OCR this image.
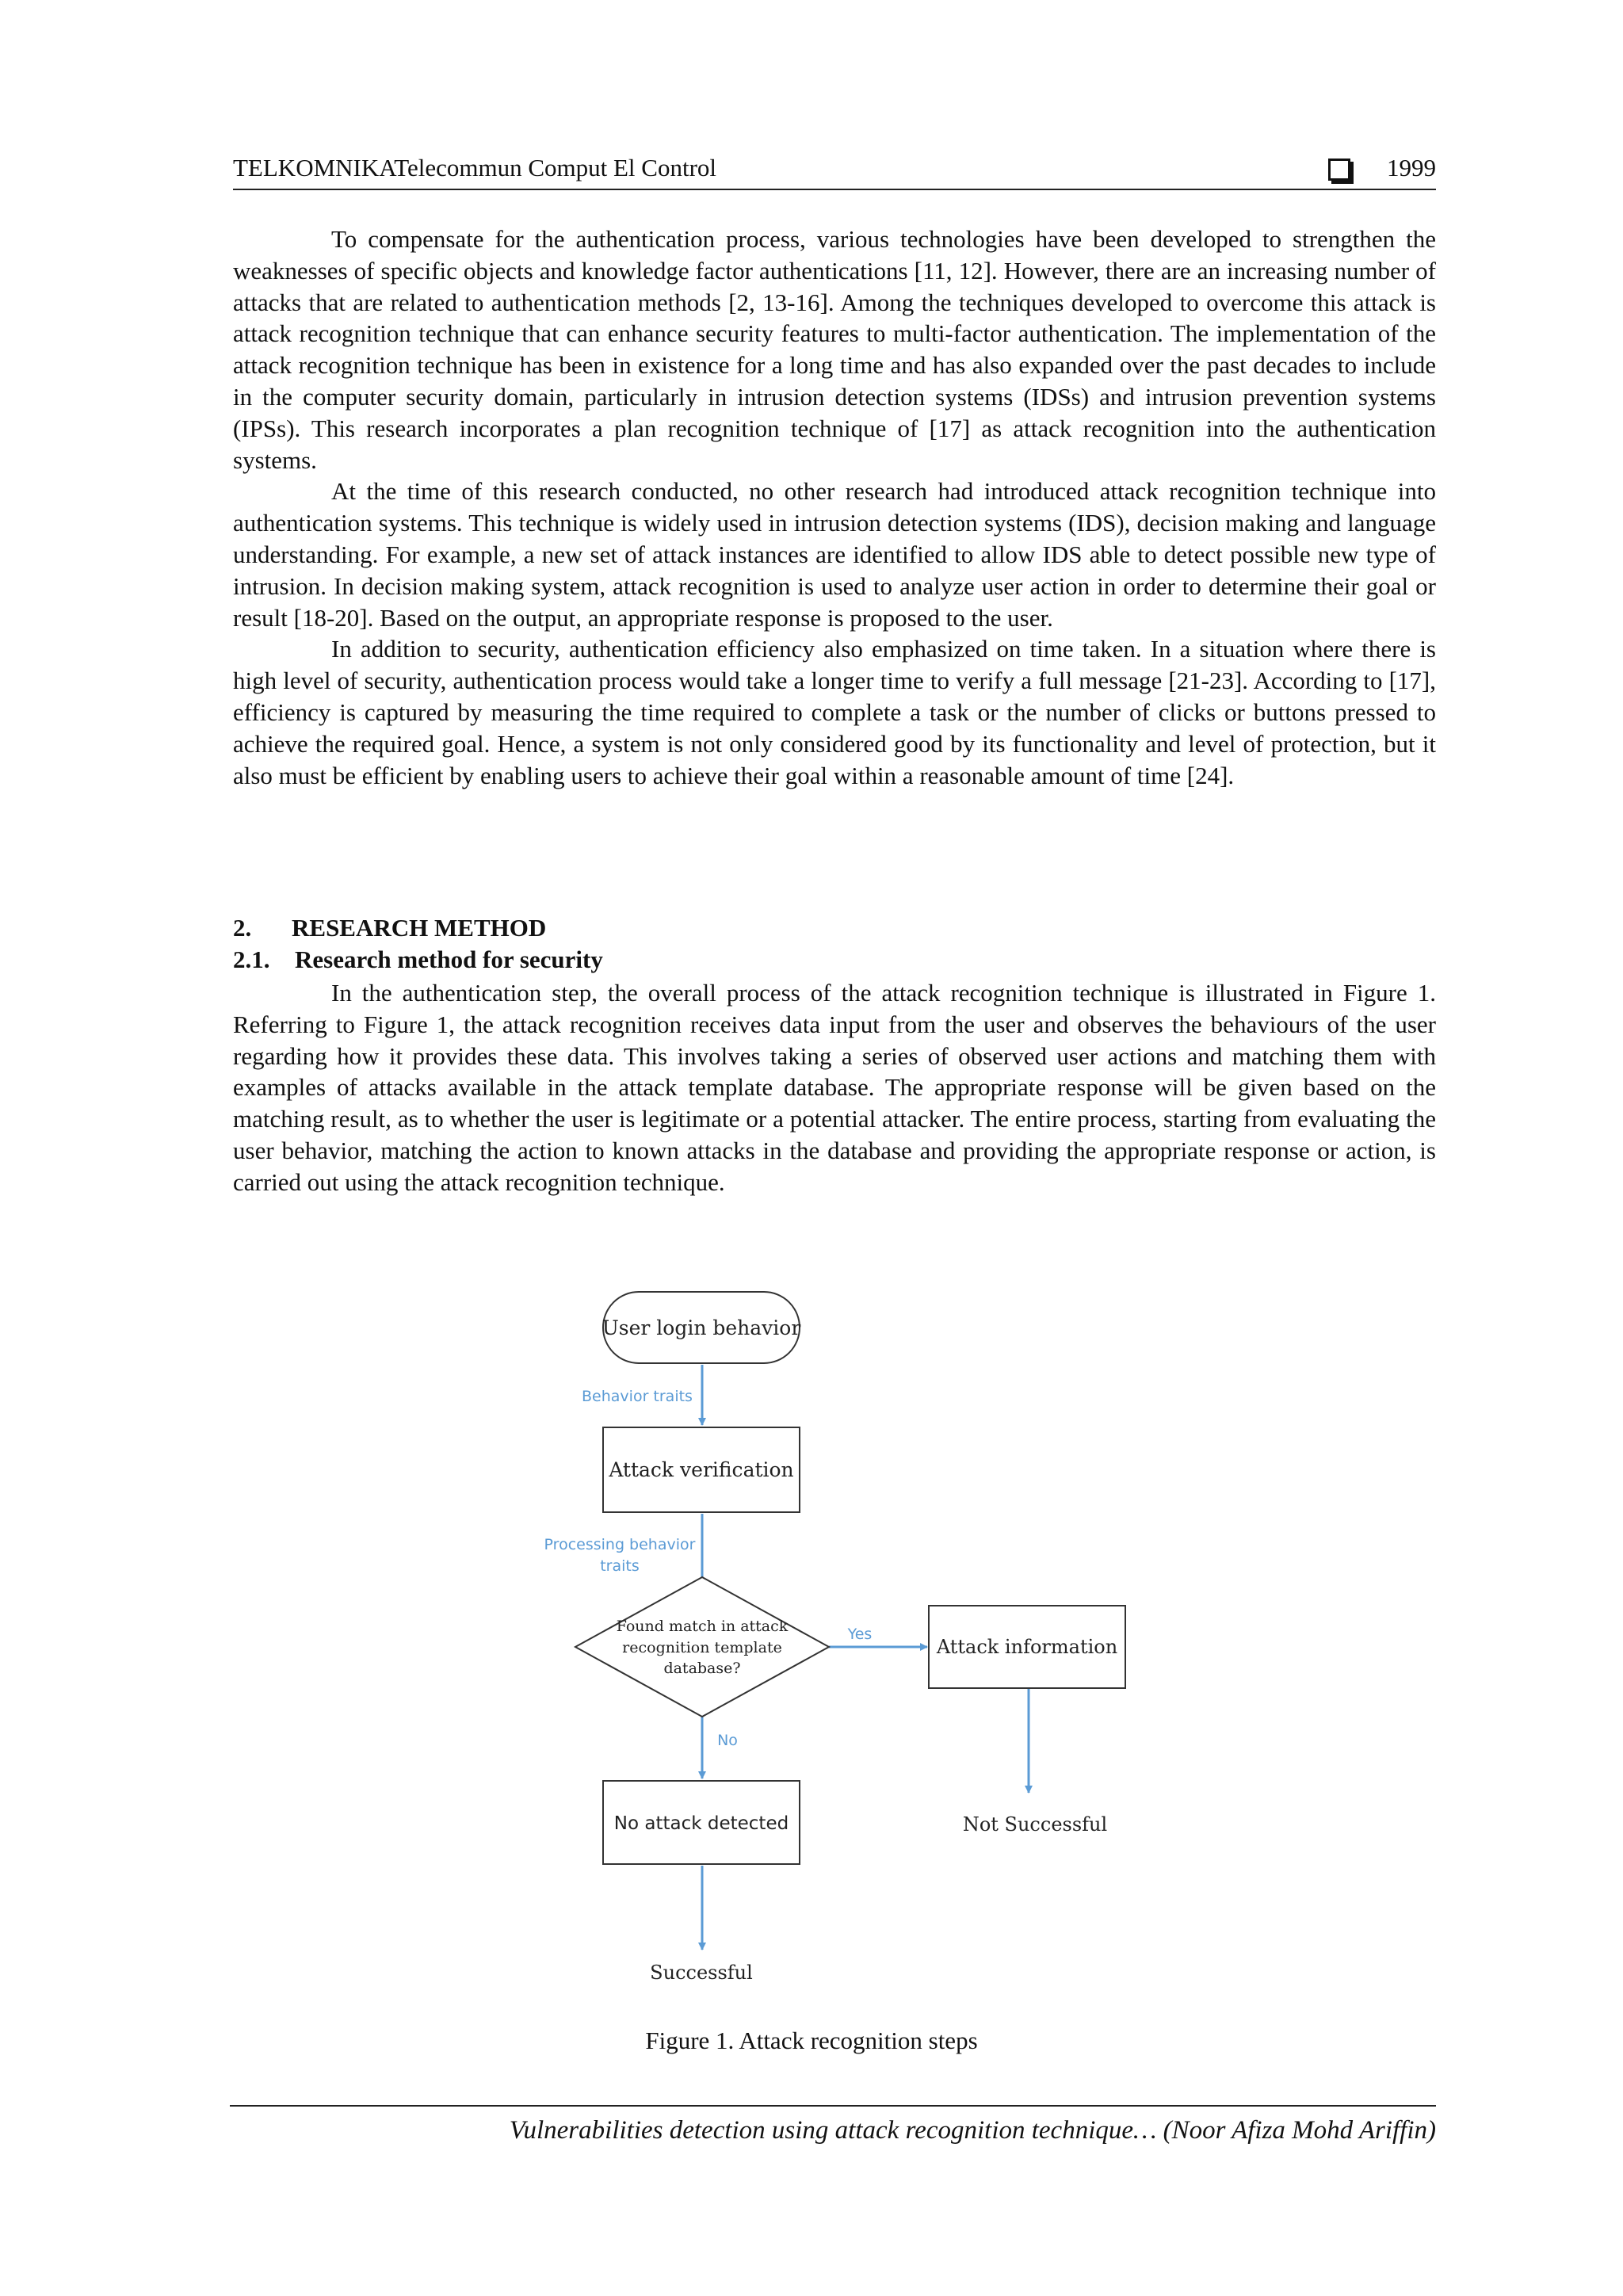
TELKOMNIKATelecommun Comput El Control	1999

To compensate for the authentication process, various technologies have been developed to strengthen the weaknesses of specific objects and knowledge factor authentications [11, 12]. However, there are an increasing number of attacks that are related to authentication methods [2, 13-16]. Among the techniques developed to overcome this attack is attack recognition technique that can enhance security features to multi-factor authentication. The implementation of the attack recognition technique has been in existence for a long time and has also expanded over the past decades to include in the computer security domain, particularly in intrusion detection systems (IDSs) and intrusion prevention systems (IPSs). This research incorporates a plan recognition technique of [17] as attack recognition into the authentication systems.

At the time of this research conducted, no other research had introduced attack recognition technique into authentication systems. This technique is widely used in intrusion detection systems (IDS), decision making and language understanding. For example, a new set of attack instances are identified to allow IDS able to detect possible new type of intrusion. In decision making system, attack recognition is used to analyze user action in order to determine their goal or result [18-20]. Based on the output, an appropriate response is proposed to the user.

In addition to security, authentication efficiency also emphasized on time taken. In a situation where there is high level of security, authentication process would take a longer time to verify a full message [21-23]. According to [17], efficiency is captured by measuring the time required to complete a task or the number of clicks or buttons pressed to achieve the required goal. Hence, a system is not only considered good by its functionality and level of protection, but it also must be efficient by enabling users to achieve their goal within a reasonable amount of time [24].

2. RESEARCH METHOD
2.1. Research method for security

In the authentication step, the overall process of the attack recognition technique is illustrated in Figure 1. Referring to Figure 1, the attack recognition receives data input from the user and observes the behaviours of the user regarding how it provides these data. This involves taking a series of observed user actions and matching them with examples of attacks available in the attack template database. The appropriate response will be given based on the matching result, as to whether the user is legitimate or a potential attacker. The entire process, starting from evaluating the user behavior, matching the action to known attacks in the database and providing the appropriate response or action, is carried out using the attack recognition technique.

User login behavior
Attack verification
Found match in attack
recognition template
database?
Attack information
No attack detected	Not Successful
Successful
Behavior traits
Processing behavior
traits
Yes
No
Figure 1. Attack recognition steps
Vulnerabilities detection using attack recognition technique… (Noor Afiza Mohd Ariffin)
